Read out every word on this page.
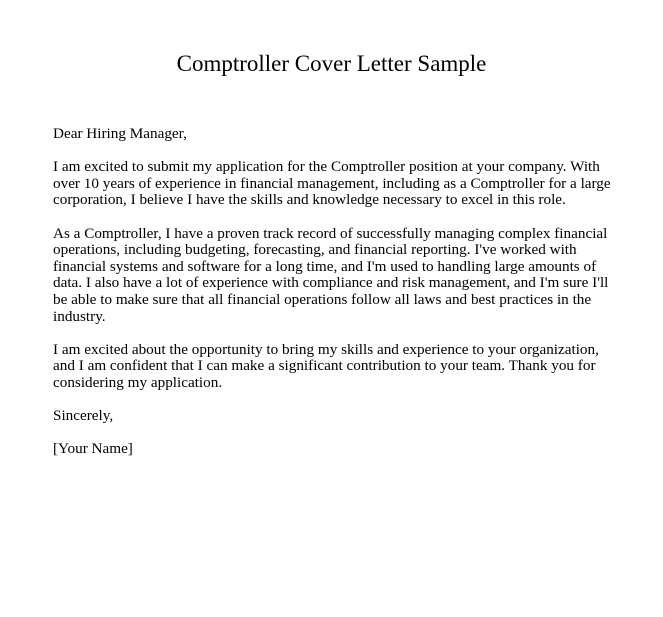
Comptroller Cover Letter Sample

Dear Hiring Manager,

I am excited to submit my application for the Comptroller position at your company. With over 10 years of experience in financial management, including as a Comptroller for a large corporation, I believe I have the skills and knowledge necessary to excel in this role.

As a Comptroller, I have a proven track record of successfully managing complex financial operations, including budgeting, forecasting, and financial reporting. I've worked with financial systems and software for a long time, and I'm used to handling large amounts of data. I also have a lot of experience with compliance and risk management, and I'm sure I'll be able to make sure that all financial operations follow all laws and best practices in the industry.

I am excited about the opportunity to bring my skills and experience to your organization, and I am confident that I can make a significant contribution to your team. Thank you for considering my application.

Sincerely,

[Your Name]
